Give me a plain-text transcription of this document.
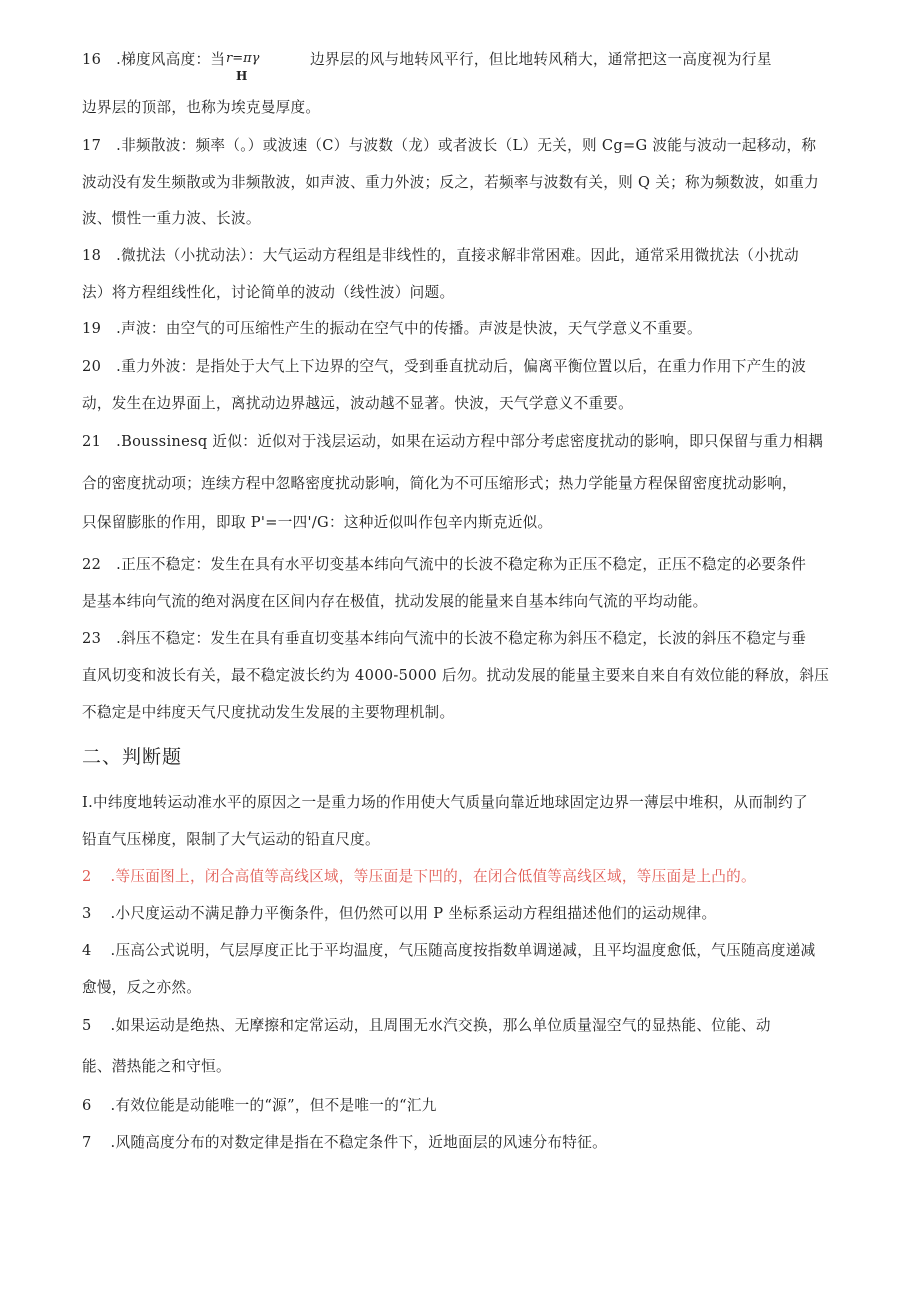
16 .梯度风高度：当 r=πγ
H
边界层的风与地转风平行，但比地转风稍大，通常把这一高度视为行星
边界层的顶部，也称为埃克曼厚度。
17 .非频散波：频率（。）或波速（C）与波数（龙）或者波长（L）无关，则 Cg=G 波能与波动一起移动，称
波动没有发生频散或为非频散波，如声波、重力外波；反之，若频率与波数有关，则 Q 关；称为频数波，如重力
波、惯性一重力波、长波。
18 .微扰法（小扰动法）：大气运动方程组是非线性的，直接求解非常困难。因此，通常采用微扰法（小扰动
法）将方程组线性化，讨论简单的波动（线性波）问题。
19 .声波：由空气的可压缩性产生的振动在空气中的传播。声波是快波，天气学意义不重要。
20 .重力外波：是指处于大气上下边界的空气，受到垂直扰动后，偏离平衡位置以后，在重力作用下产生的波
动，发生在边界面上，离扰动边界越远，波动越不显著。快波，天气学意义不重要。
21 .Boussinesq 近似：近似对于浅层运动，如果在运动方程中部分考虑密度扰动的影响，即只保留与重力相耦
合的密度扰动项；连续方程中忽略密度扰动影响，简化为不可压缩形式；热力学能量方程保留密度扰动影响，
只保留膨胀的作用，即取 P'=一四'/G：这种近似叫作包辛内斯克近似。
22 .正压不稳定：发生在具有水平切变基本纬向气流中的长波不稳定称为正压不稳定，正压不稳定的必要条件
是基本纬向气流的绝对涡度在区间内存在极值，扰动发展的能量来自基本纬向气流的平均动能。
23 .斜压不稳定：发生在具有垂直切变基本纬向气流中的长波不稳定称为斜压不稳定，长波的斜压不稳定与垂
直风切变和波长有关，最不稳定波长约为 4000-5000 后勿。扰动发展的能量主要来自来自有效位能的释放，斜压
不稳定是中纬度天气尺度扰动发生发展的主要物理机制。
二、判断题
I.中纬度地转运动准水平的原因之一是重力场的作用使大气质量向靠近地球固定边界一薄层中堆积，从而制约了
铅直气压梯度，限制了大气运动的铅直尺度。
2 .等压面图上，闭合高值等高线区域，等压面是下凹的，在闭合低值等高线区域，等压面是上凸的。
3 .小尺度运动不满足静力平衡条件，但仍然可以用 P 坐标系运动方程组描述他们的运动规律。
4 .压高公式说明，气层厚度正比于平均温度，气压随高度按指数单调递减，且平均温度愈低，气压随高度递减
愈慢，反之亦然。
5 .如果运动是绝热、无摩擦和定常运动，且周围无水汽交换，那么单位质量湿空气的显热能、位能、动
能、潜热能之和守恒。
6 .有效位能是动能唯一的“源”，但不是唯一的“汇九
7 .风随高度分布的对数定律是指在不稳定条件下，近地面层的风速分布特征。
